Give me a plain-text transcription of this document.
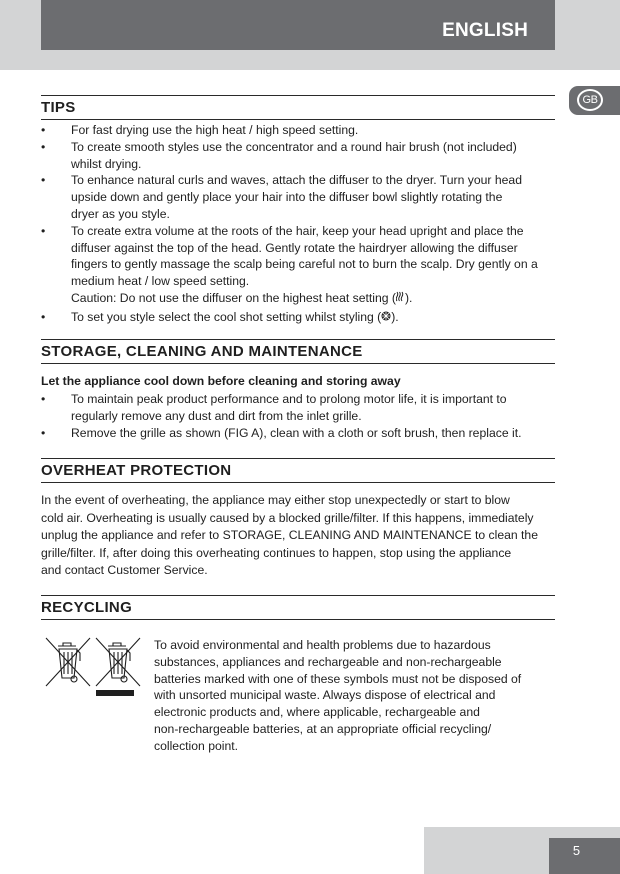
ENGLISH
GB
TIPS
• For fast drying use the high heat / high speed setting.
• To create smooth styles use the concentrator and a round hair brush (not included)
whilst drying.
• To enhance natural curls and waves, attach the diffuser to the dryer. Turn your head
upside down and gently place your hair into the diffuser bowl slightly rotating the
dryer as you style.
• To create extra volume at the roots of the hair, keep your head upright and place the
diffuser against the top of the head. Gently rotate the hairdryer allowing the diffuser
fingers to gently massage the scalp being careful not to burn the scalp. Dry gently on a
medium heat / low speed setting.
Caution: Do not use the diffuser on the highest heat setting ( ).
• To set you style select the cool shot setting whilst styling ( ).
STORAGE, CLEANING AND MAINTENANCE
Let the appliance cool down before cleaning and storing away
• To maintain peak product performance and to prolong motor life, it is important to
regularly remove any dust and dirt from the inlet grille.
• Remove the grille as shown (FIG A), clean with a cloth or soft brush, then replace it.
OVERHEAT PROTECTION
In the event of overheating, the appliance may either stop unexpectedly or start to blow
cold air. Overheating is usually caused by a blocked grille/filter. If this happens, immediately
unplug the appliance and refer to STORAGE, CLEANING AND MAINTENANCE to clean the
grille/filter. If, after doing this overheating continues to happen, stop using the appliance
and contact Customer Service.
RECYCLING
To avoid environmental and health problems due to hazardous
substances, appliances and rechargeable and non-rechargeable
batteries marked with one of these symbols must not be disposed of
with unsorted municipal waste. Always dispose of electrical and
electronic products and, where applicable, rechargeable and
non-rechargeable batteries, at an appropriate official recycling/
collection point.
5
